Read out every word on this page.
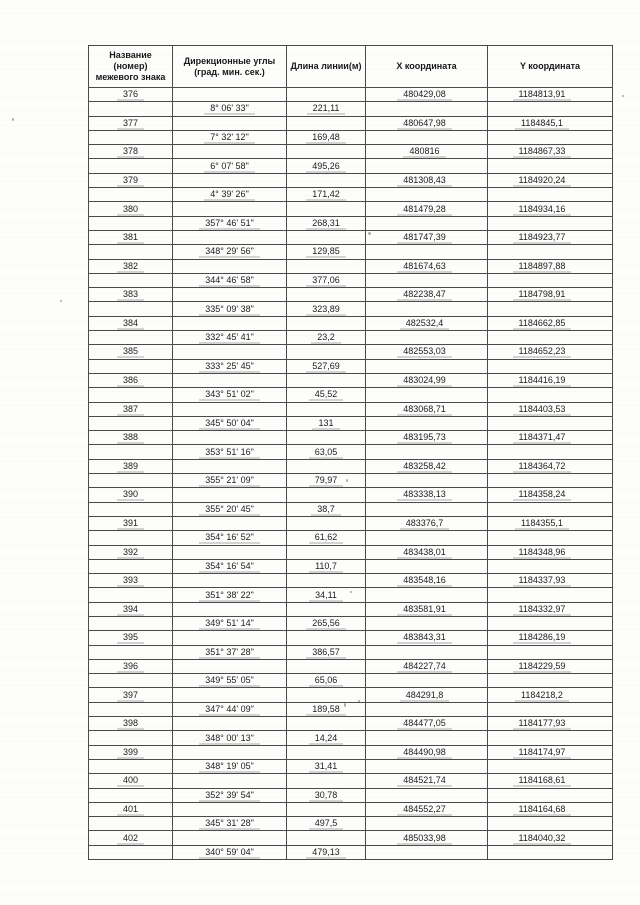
Название
(номер)
межевого знака

Дирекционные углы
(град. мин. сек.)

Длина линии(м)	X координата	Y координата

376			480429,08	1184813,91
	8° 06' 33"	221,11		
377			480647,98	1184845,1
	7° 32' 12"	169,48		
378			480816	1184867,33
	6° 07' 58"	495,26		
379			481308,43	1184920,24
	4° 39' 26"	171,42		
380			481479,28	1184934,16
	357° 46' 51"	268,31		
381			481747,39	1184923,77
	348° 29' 56"	129,85		
382			481674,63	1184897,88
	344° 46' 58"	377,06		
383			482238,47	1184798,91
	335° 09' 38"	323,89		
384			482532,4	1184662,85
	332° 45' 41"	23,2		
385			482553,03	1184652,23
	333° 25' 45"	527,69		
386			483024,99	1184416,19
	343° 51' 02"	45,52		
387			483068,71	1184403,53
	345° 50' 04"	131		
388			483195,73	1184371,47
	353° 51' 16"	63,05		
389			483258,42	1184364,72
	355° 21' 09"	79,97		
390			483338,13	1184358,24
	355° 20' 45"	38,7		
391			483376,7	1184355,1
	354° 16' 52"	61,62		
392			483438,01	1184348,96
	354° 16' 54"	110,7		
393			483548,16	1184337,93
	351° 38' 22"	34,11		
394			483581,91	1184332,97
	349° 51' 14"	265,56		
395			483843,31	1184286,19
	351° 37' 28"	386,57		
396			484227,74	1184229,59
	349° 55' 05"	65,06		
397			484291,8	1184218,2
	347° 44' 09"	189,58		
398			484477,05	1184177,93
	348° 00' 13"	14,24		
399			484490,98	1184174,97
	348° 19' 05"	31,41		
400			484521,74	1184168,61
	352° 39' 54"	30,78		
401			484552,27	1184164,68
	345° 31' 28"	497,5		
402			485033,98	1184040,32
	340° 59' 04"	479,13		
